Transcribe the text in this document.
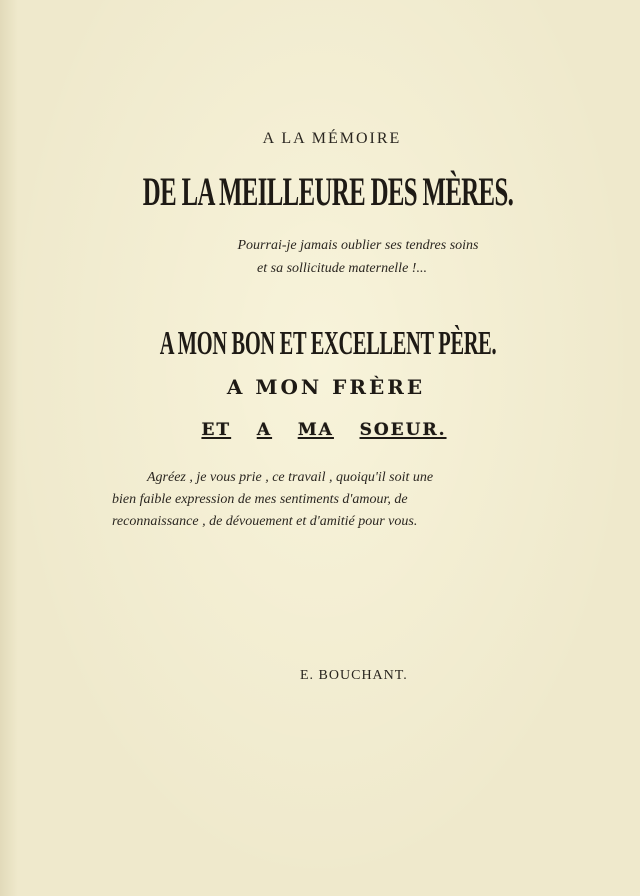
A LA MÉMOIRE
DE LA MEILLEURE DES MÈRES.
Pourrai-je jamais oublier ses tendres soins
et sa sollicitude maternelle !...
A MON BON ET EXCELLENT PÈRE.
A MON FRÈRE
ET A MA SOEUR.
Agréez , je vous prie , ce travail , quoiqu'il soit une
bien faible expression de mes sentiments d'amour, de
reconnaissance , de dévouement et d'amitié pour vous.
E. BOUCHANT.
